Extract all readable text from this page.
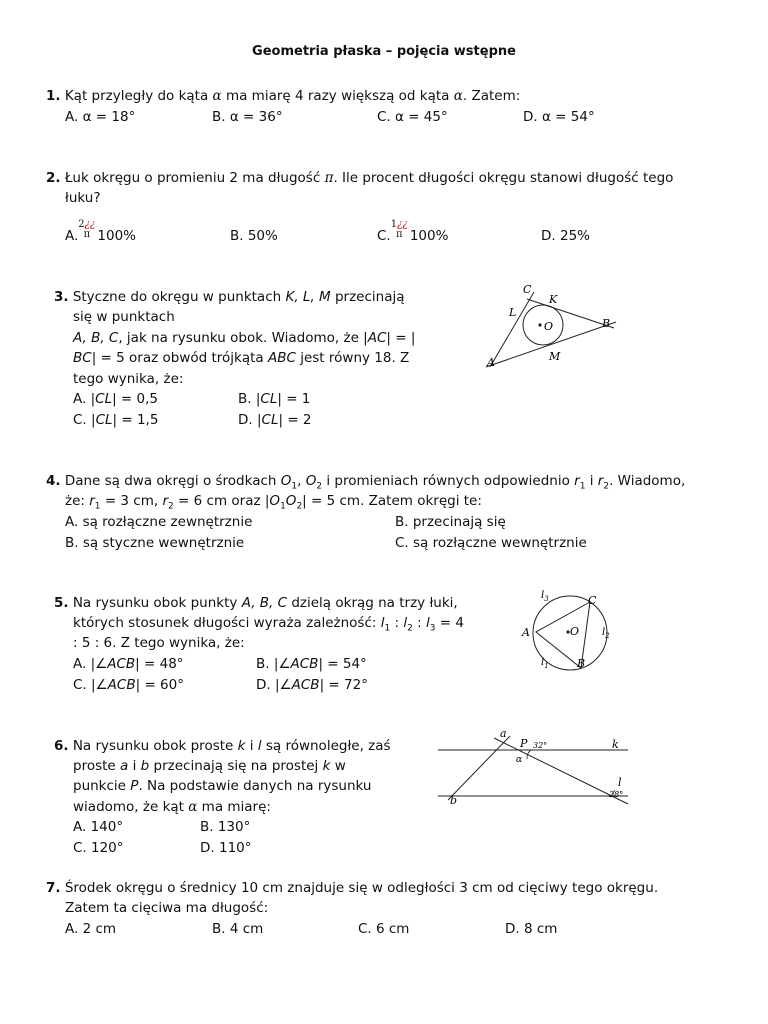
Geometria płaska – pojęcia wstępne
1. Kąt przyległy do kąta α ma miarę 4 razy większą od kąta α. Zatem:
A. α = 18°	B. α = 36°	C. α = 45°	D. α = 54°
2. Łuk okręgu o promieniu 2 ma długość π. Ile procent długości okręgu stanowi długość tego
łuku?
A.2¿¿
π 100%	B. 50%	C.1¿¿
π 100%	D. 25%
3. Styczne do okręgu w punktach K, L, M przecinają
się w punktach
A, B, C, jak na rysunku obok. Wiadomo, że |AC| = |
BC| = 5 oraz obwód trójkąta ABC jest równy 18. Z
tego wynika, że:
A. |CL| = 0,5	B. |CL| = 1
C. |CL| = 1,5	D. |CL| = 2
C
K
L
O	B
A	M
4. Dane są dwa okręgi o środkach $O_1$, $O_2$ i promieniach równych odpowiednio $r_1$ i $r_2$. Wiadomo,
że: $r_1 = 3$ cm, $r_2 = 6$ cm oraz $|O_1O_2| = 5$ cm. Zatem okręgi te:
A. są rozłączne zewnętrznie	B. przecinają się
B. są styczne wewnętrznie	C. są rozłączne wewnętrznie
5. Na rysunku obok punkty A, B, C dzielą okrąg na trzy łuki,
których stosunek długości wyraża zależność: $l_1$ : $l_2$ : $l_3 = 4$
: 5 : 6. Z tego wynika, że:
A. |∠ACB| = 48°	B. |∠ACB| = 54°
C. |∠ACB| = 60°	D. |∠ACB| = 72°
$l_3$	C
A	O $l_2$
$l_1$	B
6. Na rysunku obok proste k i l są równoległe, zaś
proste a i b przecinają się na prostej k w
punkcie P. Na podstawie danych na rysunku
wiadomo, że kąt α ma miarę:
A. 140°	B. 130°
C. 120°	D. 110°
a
P 32°	k
α
l
28°
b
7. Środek okręgu o średnicy 10 cm znajduje się w odległości 3 cm od cięciwy tego okręgu.
Zatem ta cięciwa ma długość:
A. 2 cm	B. 4 cm	C. 6 cm	D. 8 cm
